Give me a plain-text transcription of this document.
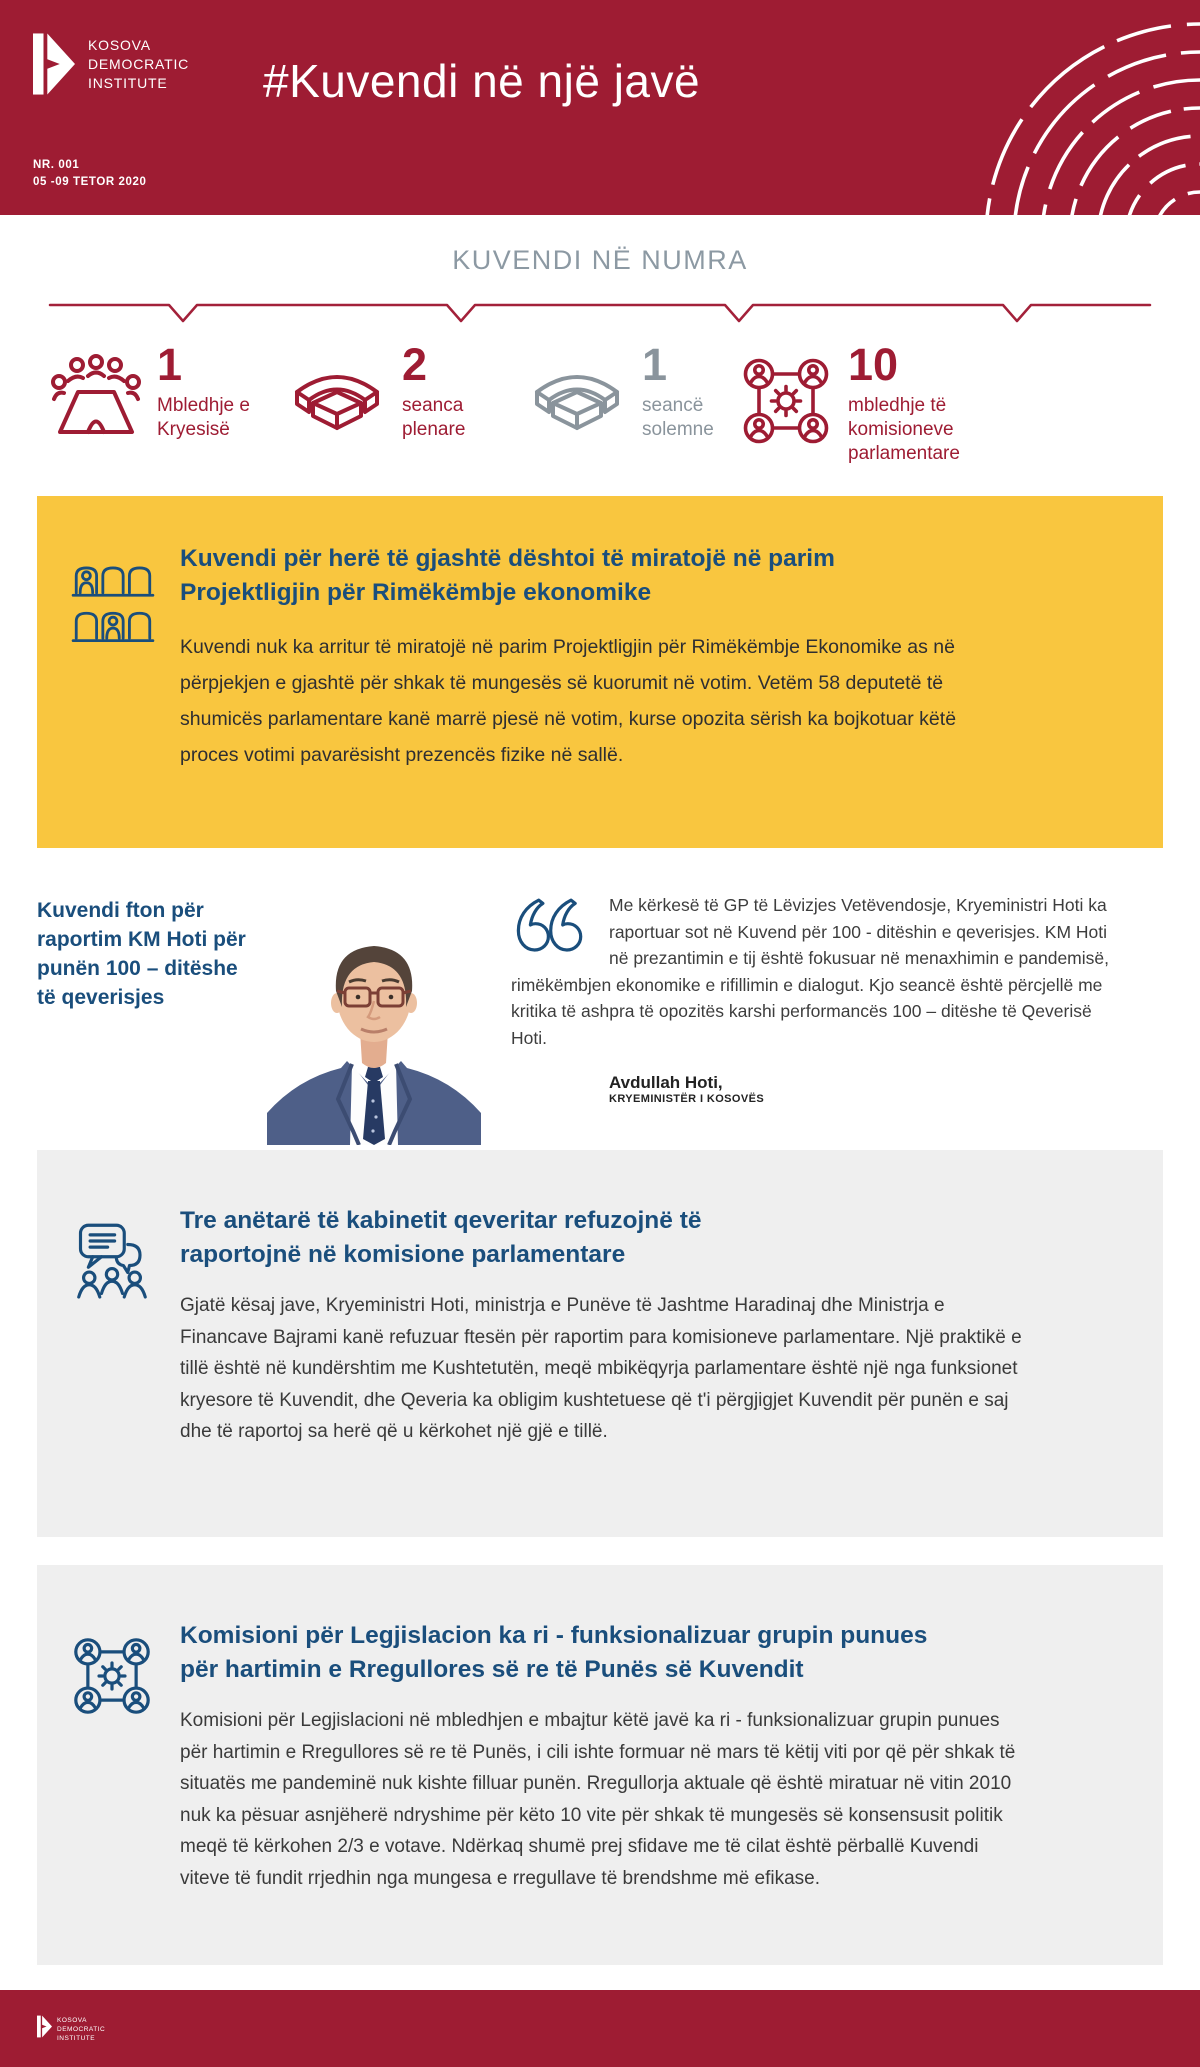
KOSOVA
DEMOCRATIC
INSTITUTE
NR. 001
05 -09 TETOR 2020
#Kuvendi në një javë
KUVENDI NË NUMRA
1
Mbledhje e Kryesisë
2
seanca plenare
1
seancë solemne
10
mbledhje të komisioneve parlamentare
Kuvendi për herë të gjashtë dështoi të miratojë në parim
Projektligjin për Rimëkëmbje ekonomike

Kuvendi nuk ka arritur të miratojë në parim Projektligjin për Rimëkëmbje Ekonomike as në përpjekjen e gjashtë për shkak të mungesës së kuorumit në votim. Vetëm 58 deputetë të shumicës parlamentare kanë marrë pjesë në votim, kurse opozita sërish ka bojkotuar këtë proces votimi pavarësisht prezencës fizike në sallë.

Kuvendi fton për raportim KM Hoti për punën 100 – ditëshe të qeverisjes
Me kërkesë të GP të Lëvizjes Vetëvendosje, Kryeministri Hoti ka raportuar sot në Kuvend për 100 - ditëshin e qeverisjes. KM Hoti në prezantimin e tij është fokusuar në menaxhimin e pandemisë, rimëkëmbjen ekonomike e rifillimin e dialogut. Kjo seancë është përcjellë me kritika të ashpra të opozitës karshi performancës 100 – ditëshe të Qeverisë Hoti.
Avdullah Hoti,
KRYEMINISTËR I KOSOVËS
Tre anëtarë të kabinetit qeveritar refuzojnë të
raportojnë në komisione parlamentare

Gjatë kësaj jave, Kryeministri Hoti, ministrja e Punëve të Jashtme Haradinaj dhe Ministrja e Financave Bajrami kanë refuzuar ftesën për raportim para komisioneve parlamentare. Një praktikë e tillë është në kundërshtim me Kushtetutën, meqë mbikëqyrja parlamentare është një nga funksionet kryesore të Kuvendit, dhe Qeveria ka obligim kushtetuese që t'i përgjigjet Kuvendit për punën e saj dhe të raportoj sa herë që u kërkohet një gjë e tillë.

Komisioni për Legjislacion ka ri - funksionalizuar grupin punues
për hartimin e Rregullores së re të Punës së Kuvendit

Komisioni për Legjislacioni në mbledhjen e mbajtur këtë javë ka ri - funksionalizuar grupin punues për hartimin e Rregullores së re të Punës, i cili ishte formuar në mars të këtij viti por që për shkak të situatës me pandeminë nuk kishte filluar punën. Rregullorja aktuale që është miratuar në vitin 2010 nuk ka pësuar asnjëherë ndryshime për këto 10 vite për shkak të mungesës së konsensusit politik meqë të kërkohen 2/3 e votave. Ndërkaq shumë prej sfidave me të cilat është përballë Kuvendi viteve të fundit rrjedhin nga mungesa e rregullave të brendshme më efikase.

KOSOVA
DEMOCRATIC
INSTITUTE
